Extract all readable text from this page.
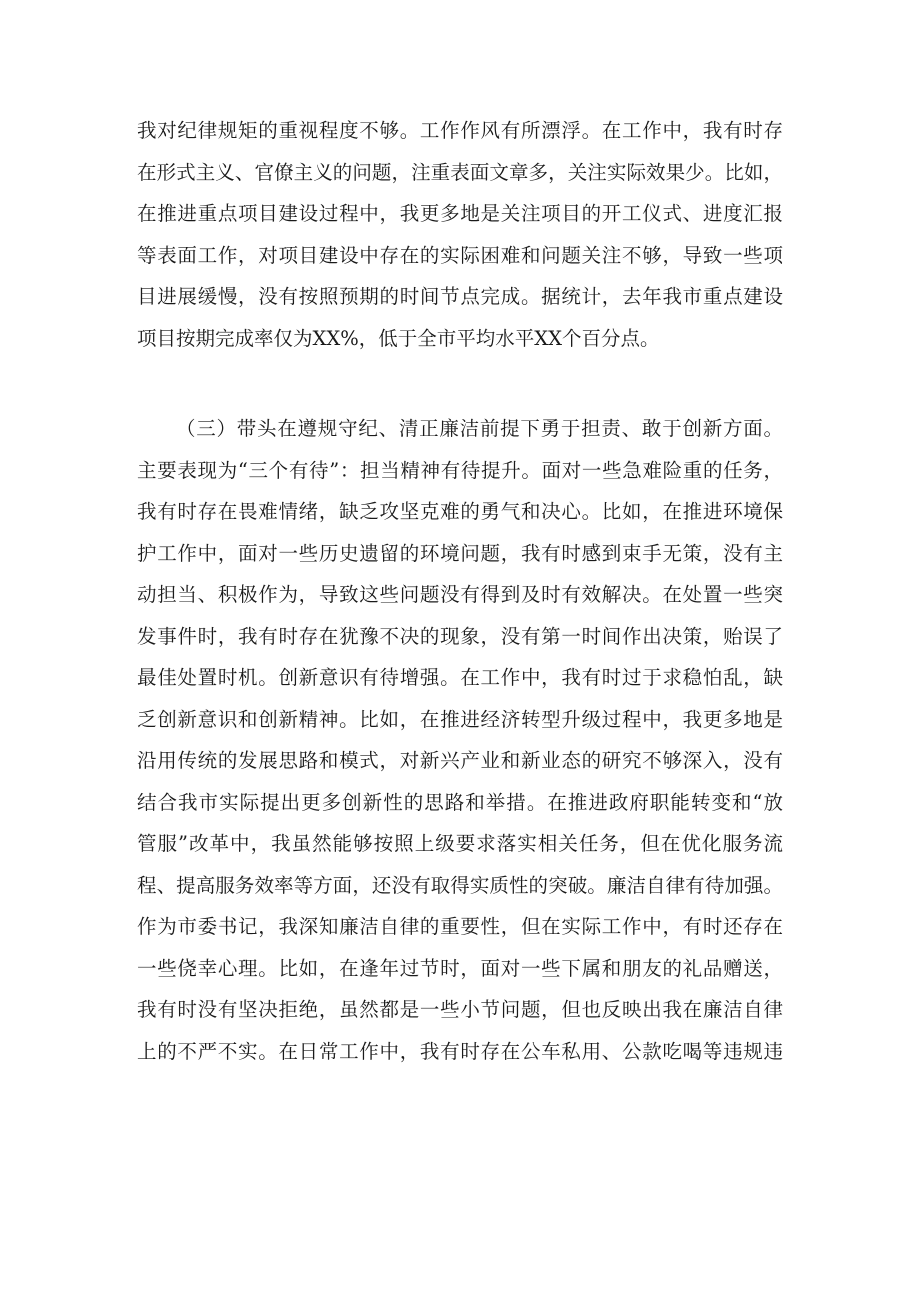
我对纪律规矩的重视程度不够。工作作风有所漂浮。在工作中，我有时存
在形式主义、官僚主义的问题，注重表面文章多，关注实际效果少。比如，
在推进重点项目建设过程中，我更多地是关注项目的开工仪式、进度汇报
等表面工作，对项目建设中存在的实际困难和问题关注不够，导致一些项
目进展缓慢，没有按照预期的时间节点完成。据统计，去年我市重点建设
项目按期完成率仅为XX%，低于全市平均水平XX个百分点。
（三）带头在遵规守纪、清正廉洁前提下勇于担责、敢于创新方面。
主要表现为“三个有待”：担当精神有待提升。面对一些急难险重的任务，
我有时存在畏难情绪，缺乏攻坚克难的勇气和决心。比如，在推进环境保
护工作中，面对一些历史遗留的环境问题，我有时感到束手无策，没有主
动担当、积极作为，导致这些问题没有得到及时有效解决。在处置一些突
发事件时，我有时存在犹豫不决的现象，没有第一时间作出决策，贻误了
最佳处置时机。创新意识有待增强。在工作中，我有时过于求稳怕乱，缺
乏创新意识和创新精神。比如，在推进经济转型升级过程中，我更多地是
沿用传统的发展思路和模式，对新兴产业和新业态的研究不够深入，没有
结合我市实际提出更多创新性的思路和举措。在推进政府职能转变和“放
管服”改革中，我虽然能够按照上级要求落实相关任务，但在优化服务流
程、提高服务效率等方面，还没有取得实质性的突破。廉洁自律有待加强。
作为市委书记，我深知廉洁自律的重要性，但在实际工作中，有时还存在
一些侥幸心理。比如，在逢年过节时，面对一些下属和朋友的礼品赠送，
我有时没有坚决拒绝，虽然都是一些小节问题，但也反映出我在廉洁自律
上的不严不实。在日常工作中，我有时存在公车私用、公款吃喝等违规违
